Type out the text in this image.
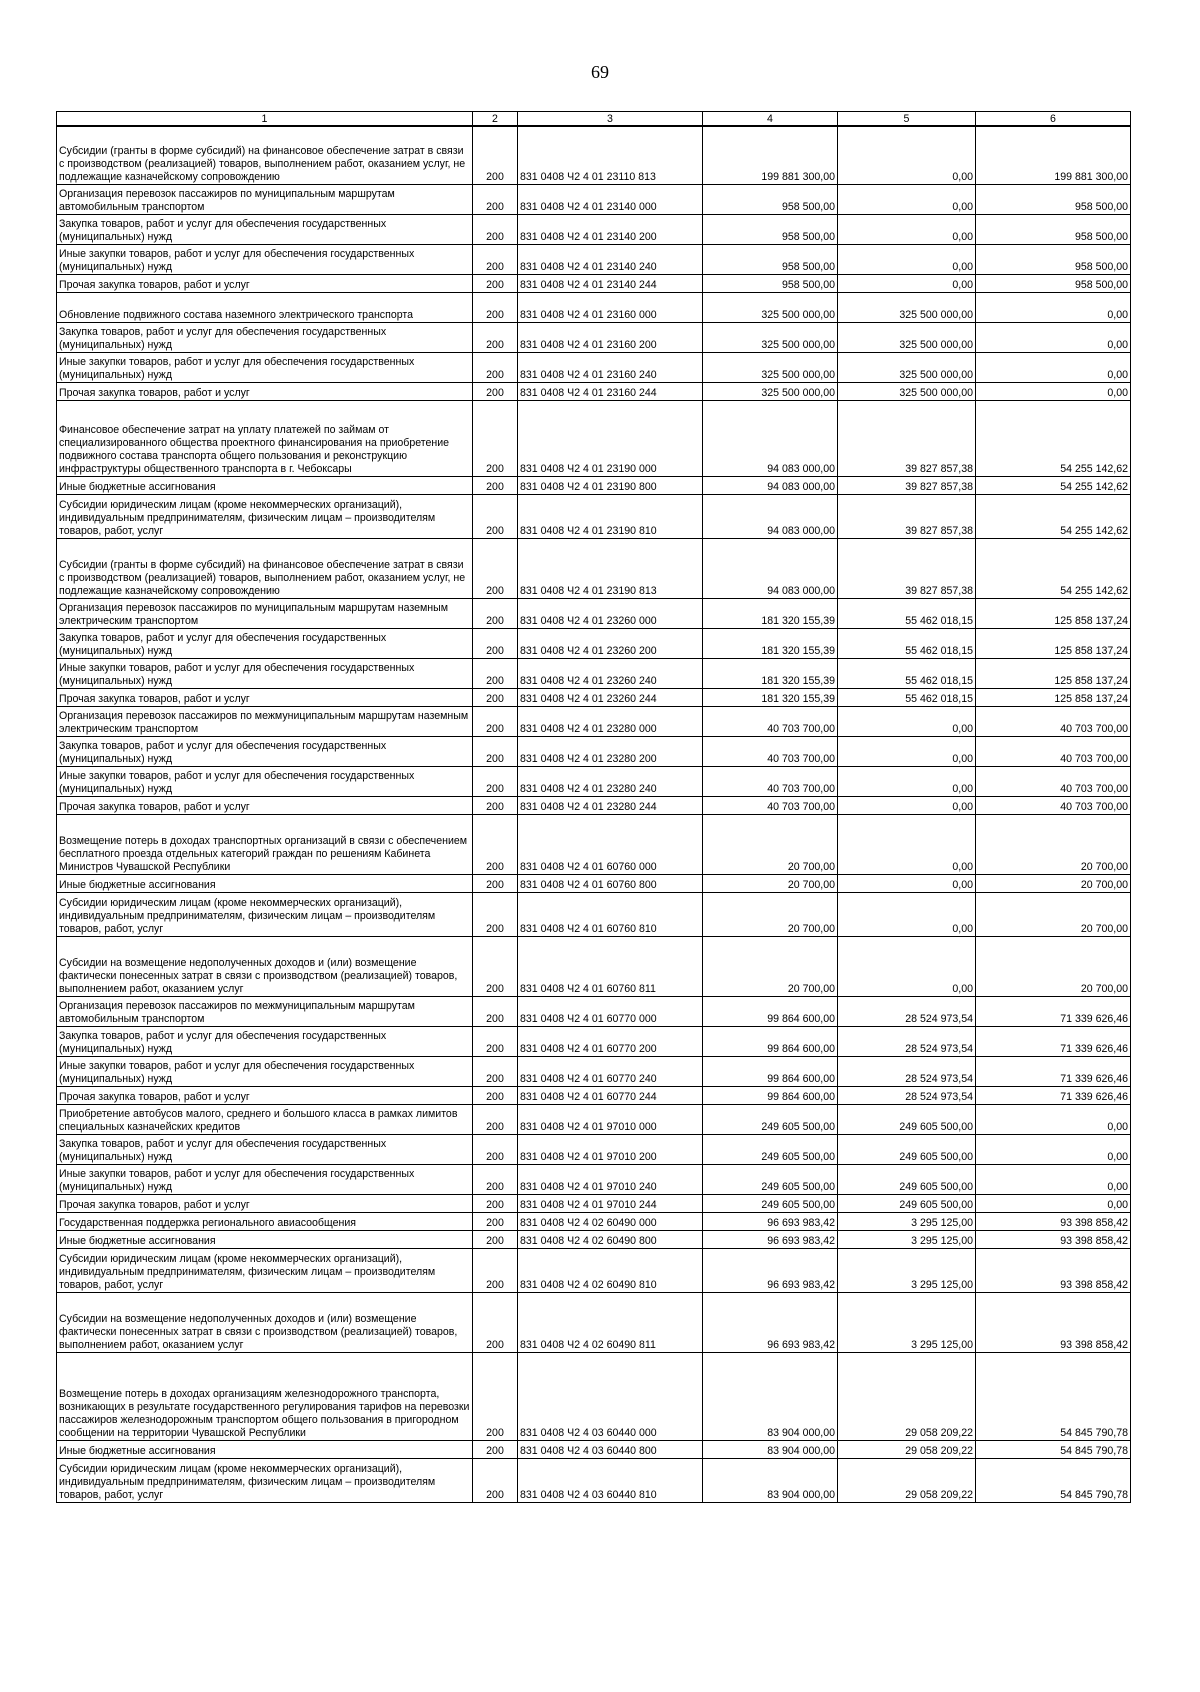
69
1	2	3	4	5	6
Субсидии (гранты в форме субсидий) на финансовое обеспечение затрат в связи с производством (реализацией) товаров, выполнением работ, оказанием услуг, не подлежащие казначейскому сопровождению	200	831 0408 Ч2 4 01 23110 813	199 881 300,00	0,00	199 881 300,00
Организация перевозок пассажиров по муниципальным маршрутам автомобильным транспортом	200	831 0408 Ч2 4 01 23140 000	958 500,00	0,00	958 500,00
Закупка товаров, работ и услуг для обеспечения государственных (муниципальных) нужд	200	831 0408 Ч2 4 01 23140 200	958 500,00	0,00	958 500,00
Иные закупки товаров, работ и услуг для обеспечения государственных (муниципальных) нужд	200	831 0408 Ч2 4 01 23140 240	958 500,00	0,00	958 500,00
Прочая закупка товаров, работ и услуг	200	831 0408 Ч2 4 01 23140 244	958 500,00	0,00	958 500,00
Обновление подвижного состава наземного электрического транспорта	200	831 0408 Ч2 4 01 23160 000	325 500 000,00	325 500 000,00	0,00
Закупка товаров, работ и услуг для обеспечения государственных (муниципальных) нужд	200	831 0408 Ч2 4 01 23160 200	325 500 000,00	325 500 000,00	0,00
Иные закупки товаров, работ и услуг для обеспечения государственных (муниципальных) нужд	200	831 0408 Ч2 4 01 23160 240	325 500 000,00	325 500 000,00	0,00
Прочая закупка товаров, работ и услуг	200	831 0408 Ч2 4 01 23160 244	325 500 000,00	325 500 000,00	0,00
Финансовое обеспечение затрат на уплату платежей по займам от специализированного общества проектного финансирования на приобретение подвижного состава транспорта общего пользования и реконструкцию инфраструктуры общественного транспорта в г. Чебоксары	200	831 0408 Ч2 4 01 23190 000	94 083 000,00	39 827 857,38	54 255 142,62
Иные бюджетные ассигнования	200	831 0408 Ч2 4 01 23190 800	94 083 000,00	39 827 857,38	54 255 142,62
Субсидии юридическим лицам (кроме некоммерческих организаций), индивидуальным предпринимателям, физическим лицам – производителям товаров, работ, услуг	200	831 0408 Ч2 4 01 23190 810	94 083 000,00	39 827 857,38	54 255 142,62
Субсидии (гранты в форме субсидий) на финансовое обеспечение затрат в связи с производством (реализацией) товаров, выполнением работ, оказанием услуг, не подлежащие казначейскому сопровождению	200	831 0408 Ч2 4 01 23190 813	94 083 000,00	39 827 857,38	54 255 142,62
Организация перевозок пассажиров по муниципальным маршрутам наземным электрическим транспортом	200	831 0408 Ч2 4 01 23260 000	181 320 155,39	55 462 018,15	125 858 137,24
Закупка товаров, работ и услуг для обеспечения государственных (муниципальных) нужд	200	831 0408 Ч2 4 01 23260 200	181 320 155,39	55 462 018,15	125 858 137,24
Иные закупки товаров, работ и услуг для обеспечения государственных (муниципальных) нужд	200	831 0408 Ч2 4 01 23260 240	181 320 155,39	55 462 018,15	125 858 137,24
Прочая закупка товаров, работ и услуг	200	831 0408 Ч2 4 01 23260 244	181 320 155,39	55 462 018,15	125 858 137,24
Организация перевозок пассажиров по межмуниципальным маршрутам наземным электрическим транспортом	200	831 0408 Ч2 4 01 23280 000	40 703 700,00	0,00	40 703 700,00
Закупка товаров, работ и услуг для обеспечения государственных (муниципальных) нужд	200	831 0408 Ч2 4 01 23280 200	40 703 700,00	0,00	40 703 700,00
Иные закупки товаров, работ и услуг для обеспечения государственных (муниципальных) нужд	200	831 0408 Ч2 4 01 23280 240	40 703 700,00	0,00	40 703 700,00
Прочая закупка товаров, работ и услуг	200	831 0408 Ч2 4 01 23280 244	40 703 700,00	0,00	40 703 700,00
Возмещение потерь в доходах транспортных организаций в связи с обеспечением бесплатного проезда отдельных категорий граждан по решениям Кабинета Министров Чувашской Республики	200	831 0408 Ч2 4 01 60760 000	20 700,00	0,00	20 700,00
Иные бюджетные ассигнования	200	831 0408 Ч2 4 01 60760 800	20 700,00	0,00	20 700,00
Субсидии юридическим лицам (кроме некоммерческих организаций), индивидуальным предпринимателям, физическим лицам – производителям товаров, работ, услуг	200	831 0408 Ч2 4 01 60760 810	20 700,00	0,00	20 700,00
Субсидии на возмещение недополученных доходов и (или) возмещение фактически понесенных затрат в связи с производством (реализацией) товаров, выполнением работ, оказанием услуг	200	831 0408 Ч2 4 01 60760 811	20 700,00	0,00	20 700,00
Организация перевозок пассажиров по межмуниципальным маршрутам автомобильным транспортом	200	831 0408 Ч2 4 01 60770 000	99 864 600,00	28 524 973,54	71 339 626,46
Закупка товаров, работ и услуг для обеспечения государственных (муниципальных) нужд	200	831 0408 Ч2 4 01 60770 200	99 864 600,00	28 524 973,54	71 339 626,46
Иные закупки товаров, работ и услуг для обеспечения государственных (муниципальных) нужд	200	831 0408 Ч2 4 01 60770 240	99 864 600,00	28 524 973,54	71 339 626,46
Прочая закупка товаров, работ и услуг	200	831 0408 Ч2 4 01 60770 244	99 864 600,00	28 524 973,54	71 339 626,46
Приобретение автобусов малого, среднего и большого класса в рамках лимитов специальных казначейских кредитов	200	831 0408 Ч2 4 01 97010 000	249 605 500,00	249 605 500,00	0,00
Закупка товаров, работ и услуг для обеспечения государственных (муниципальных) нужд	200	831 0408 Ч2 4 01 97010 200	249 605 500,00	249 605 500,00	0,00
Иные закупки товаров, работ и услуг для обеспечения государственных (муниципальных) нужд	200	831 0408 Ч2 4 01 97010 240	249 605 500,00	249 605 500,00	0,00
Прочая закупка товаров, работ и услуг	200	831 0408 Ч2 4 01 97010 244	249 605 500,00	249 605 500,00	0,00
Государственная поддержка регионального авиасообщения	200	831 0408 Ч2 4 02 60490 000	96 693 983,42	3 295 125,00	93 398 858,42
Иные бюджетные ассигнования	200	831 0408 Ч2 4 02 60490 800	96 693 983,42	3 295 125,00	93 398 858,42
Субсидии юридическим лицам (кроме некоммерческих организаций), индивидуальным предпринимателям, физическим лицам – производителям товаров, работ, услуг	200	831 0408 Ч2 4 02 60490 810	96 693 983,42	3 295 125,00	93 398 858,42
Субсидии на возмещение недополученных доходов и (или) возмещение фактически понесенных затрат в связи с производством (реализацией) товаров, выполнением работ, оказанием услуг	200	831 0408 Ч2 4 02 60490 811	96 693 983,42	3 295 125,00	93 398 858,42
Возмещение потерь в доходах организациям железнодорожного транспорта, возникающих в результате государственного регулирования тарифов на перевозки пассажиров железнодорожным транспортом общего пользования в пригородном сообщении на территории Чувашской Республики	200	831 0408 Ч2 4 03 60440 000	83 904 000,00	29 058 209,22	54 845 790,78
Иные бюджетные ассигнования	200	831 0408 Ч2 4 03 60440 800	83 904 000,00	29 058 209,22	54 845 790,78
Субсидии юридическим лицам (кроме некоммерческих организаций), индивидуальным предпринимателям, физическим лицам – производителям товаров, работ, услуг	200	831 0408 Ч2 4 03 60440 810	83 904 000,00	29 058 209,22	54 845 790,78
